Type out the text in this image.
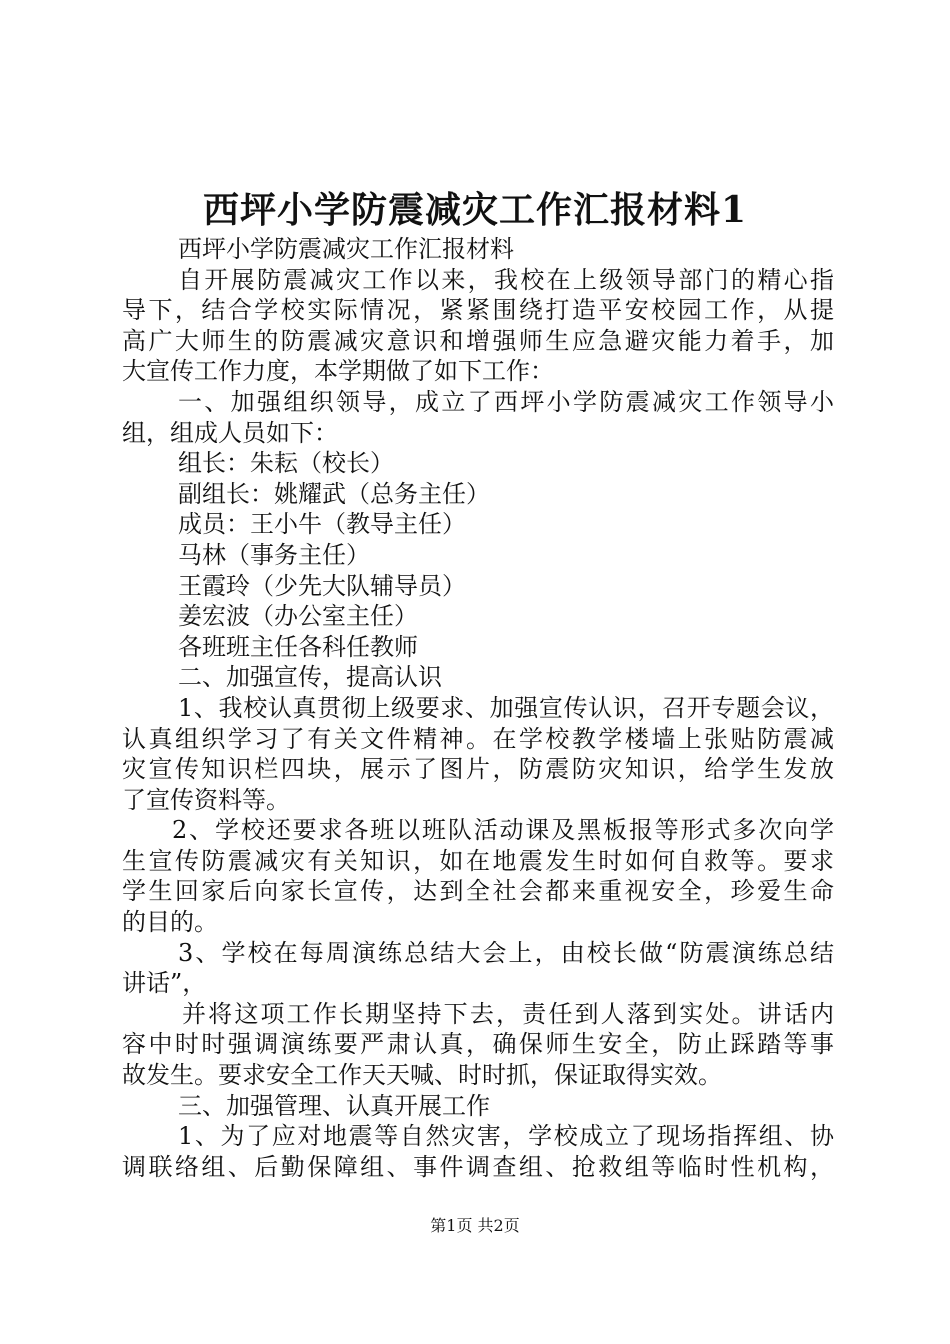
西坪小学防震减灾工作汇报材料1
西坪小学防震减灾工作汇报材料
自开展防震减灾工作以来，我校在上级领导部门的精心指
导下，结合学校实际情况，紧紧围绕打造平安校园工作，从提
高广大师生的防震减灾意识和增强师生应急避灾能力着手，加
大宣传工作力度，本学期做了如下工作：
一、加强组织领导，成立了西坪小学防震减灾工作领导小
组，组成人员如下：
组长：朱耘（校长）
副组长：姚耀武（总务主任）
成员：王小牛（教导主任）
马林（事务主任）
王霞玲（少先大队辅导员）
姜宏波（办公室主任）
各班班主任各科任教师
二、加强宣传，提高认识
1、我校认真贯彻上级要求、加强宣传认识，召开专题会议，
认真组织学习了有关文件精神。在学校教学楼墙上张贴防震减
灾宣传知识栏四块，展示了图片，防震防灾知识，给学生发放
了宣传资料等。
2、学校还要求各班以班队活动课及黑板报等形式多次向学
生宣传防震减灾有关知识，如在地震发生时如何自救等。要求
学生回家后向家长宣传，达到全社会都来重视安全，珍爱生命
的目的。
3、学校在每周演练总结大会上，由校长做“防震演练总结
讲话”，
并将这项工作长期坚持下去，责任到人落到实处。讲话内
容中时时强调演练要严肃认真，确保师生安全，防止踩踏等事
故发生。要求安全工作天天喊、时时抓，保证取得实效。
三、加强管理、认真开展工作
1、为了应对地震等自然灾害，学校成立了现场指挥组、协
调联络组、后勤保障组、事件调查组、抢救组等临时性机构，
第1页 共2页
